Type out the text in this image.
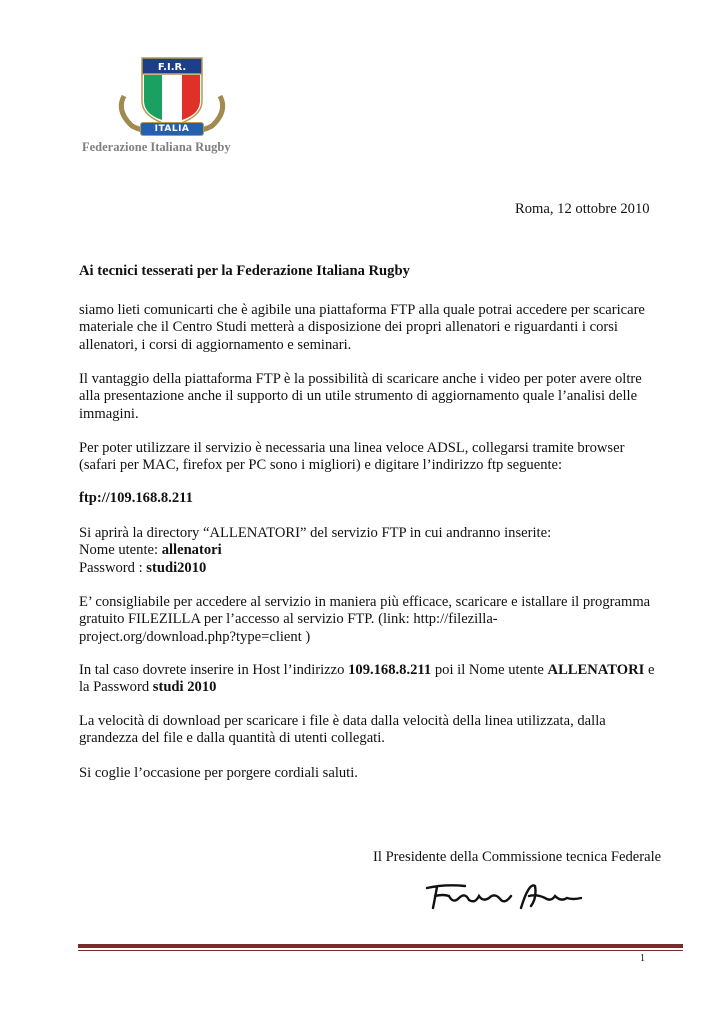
F.I.R.
ITALIA
Federazione Italiana Rugby
Roma, 12 ottobre 2010
Ai tecnici tesserati per la Federazione Italiana Rugby
siamo lieti comunicarti che è agibile una piattaforma FTP alla quale potrai accedere per scaricare
materiale che il Centro Studi metterà a disposizione dei propri allenatori e riguardanti i corsi
allenatori, i corsi di aggiornamento e seminari.
Il vantaggio della piattaforma FTP è la possibilità di scaricare anche i video per poter avere oltre
alla presentazione anche il supporto di un utile strumento di aggiornamento quale l’analisi delle
immagini.
Per poter utilizzare il servizio è necessaria una linea veloce ADSL, collegarsi tramite browser
(safari per MAC, firefox per PC sono i migliori) e digitare l’indirizzo ftp seguente:
ftp://109.168.8.211
Si aprirà la directory “ALLENATORI” del servizio FTP in cui andranno inserite:
Nome utente: allenatori
Password : studi2010
E’ consigliabile per accedere al servizio in maniera più efficace, scaricare e istallare il programma
gratuito FILEZILLA per l’accesso al servizio FTP. (link: http://filezilla-
project.org/download.php?type=client )
In tal caso dovrete inserire in Host l’indirizzo 109.168.8.211 poi il Nome utente ALLENATORI e
la Password studi 2010
La velocità di download per scaricare i file è data dalla velocità della linea utilizzata, dalla
grandezza del file e dalla quantità di utenti collegati.
Si coglie l’occasione per porgere cordiali saluti.
Il Presidente della Commissione tecnica Federale
1
